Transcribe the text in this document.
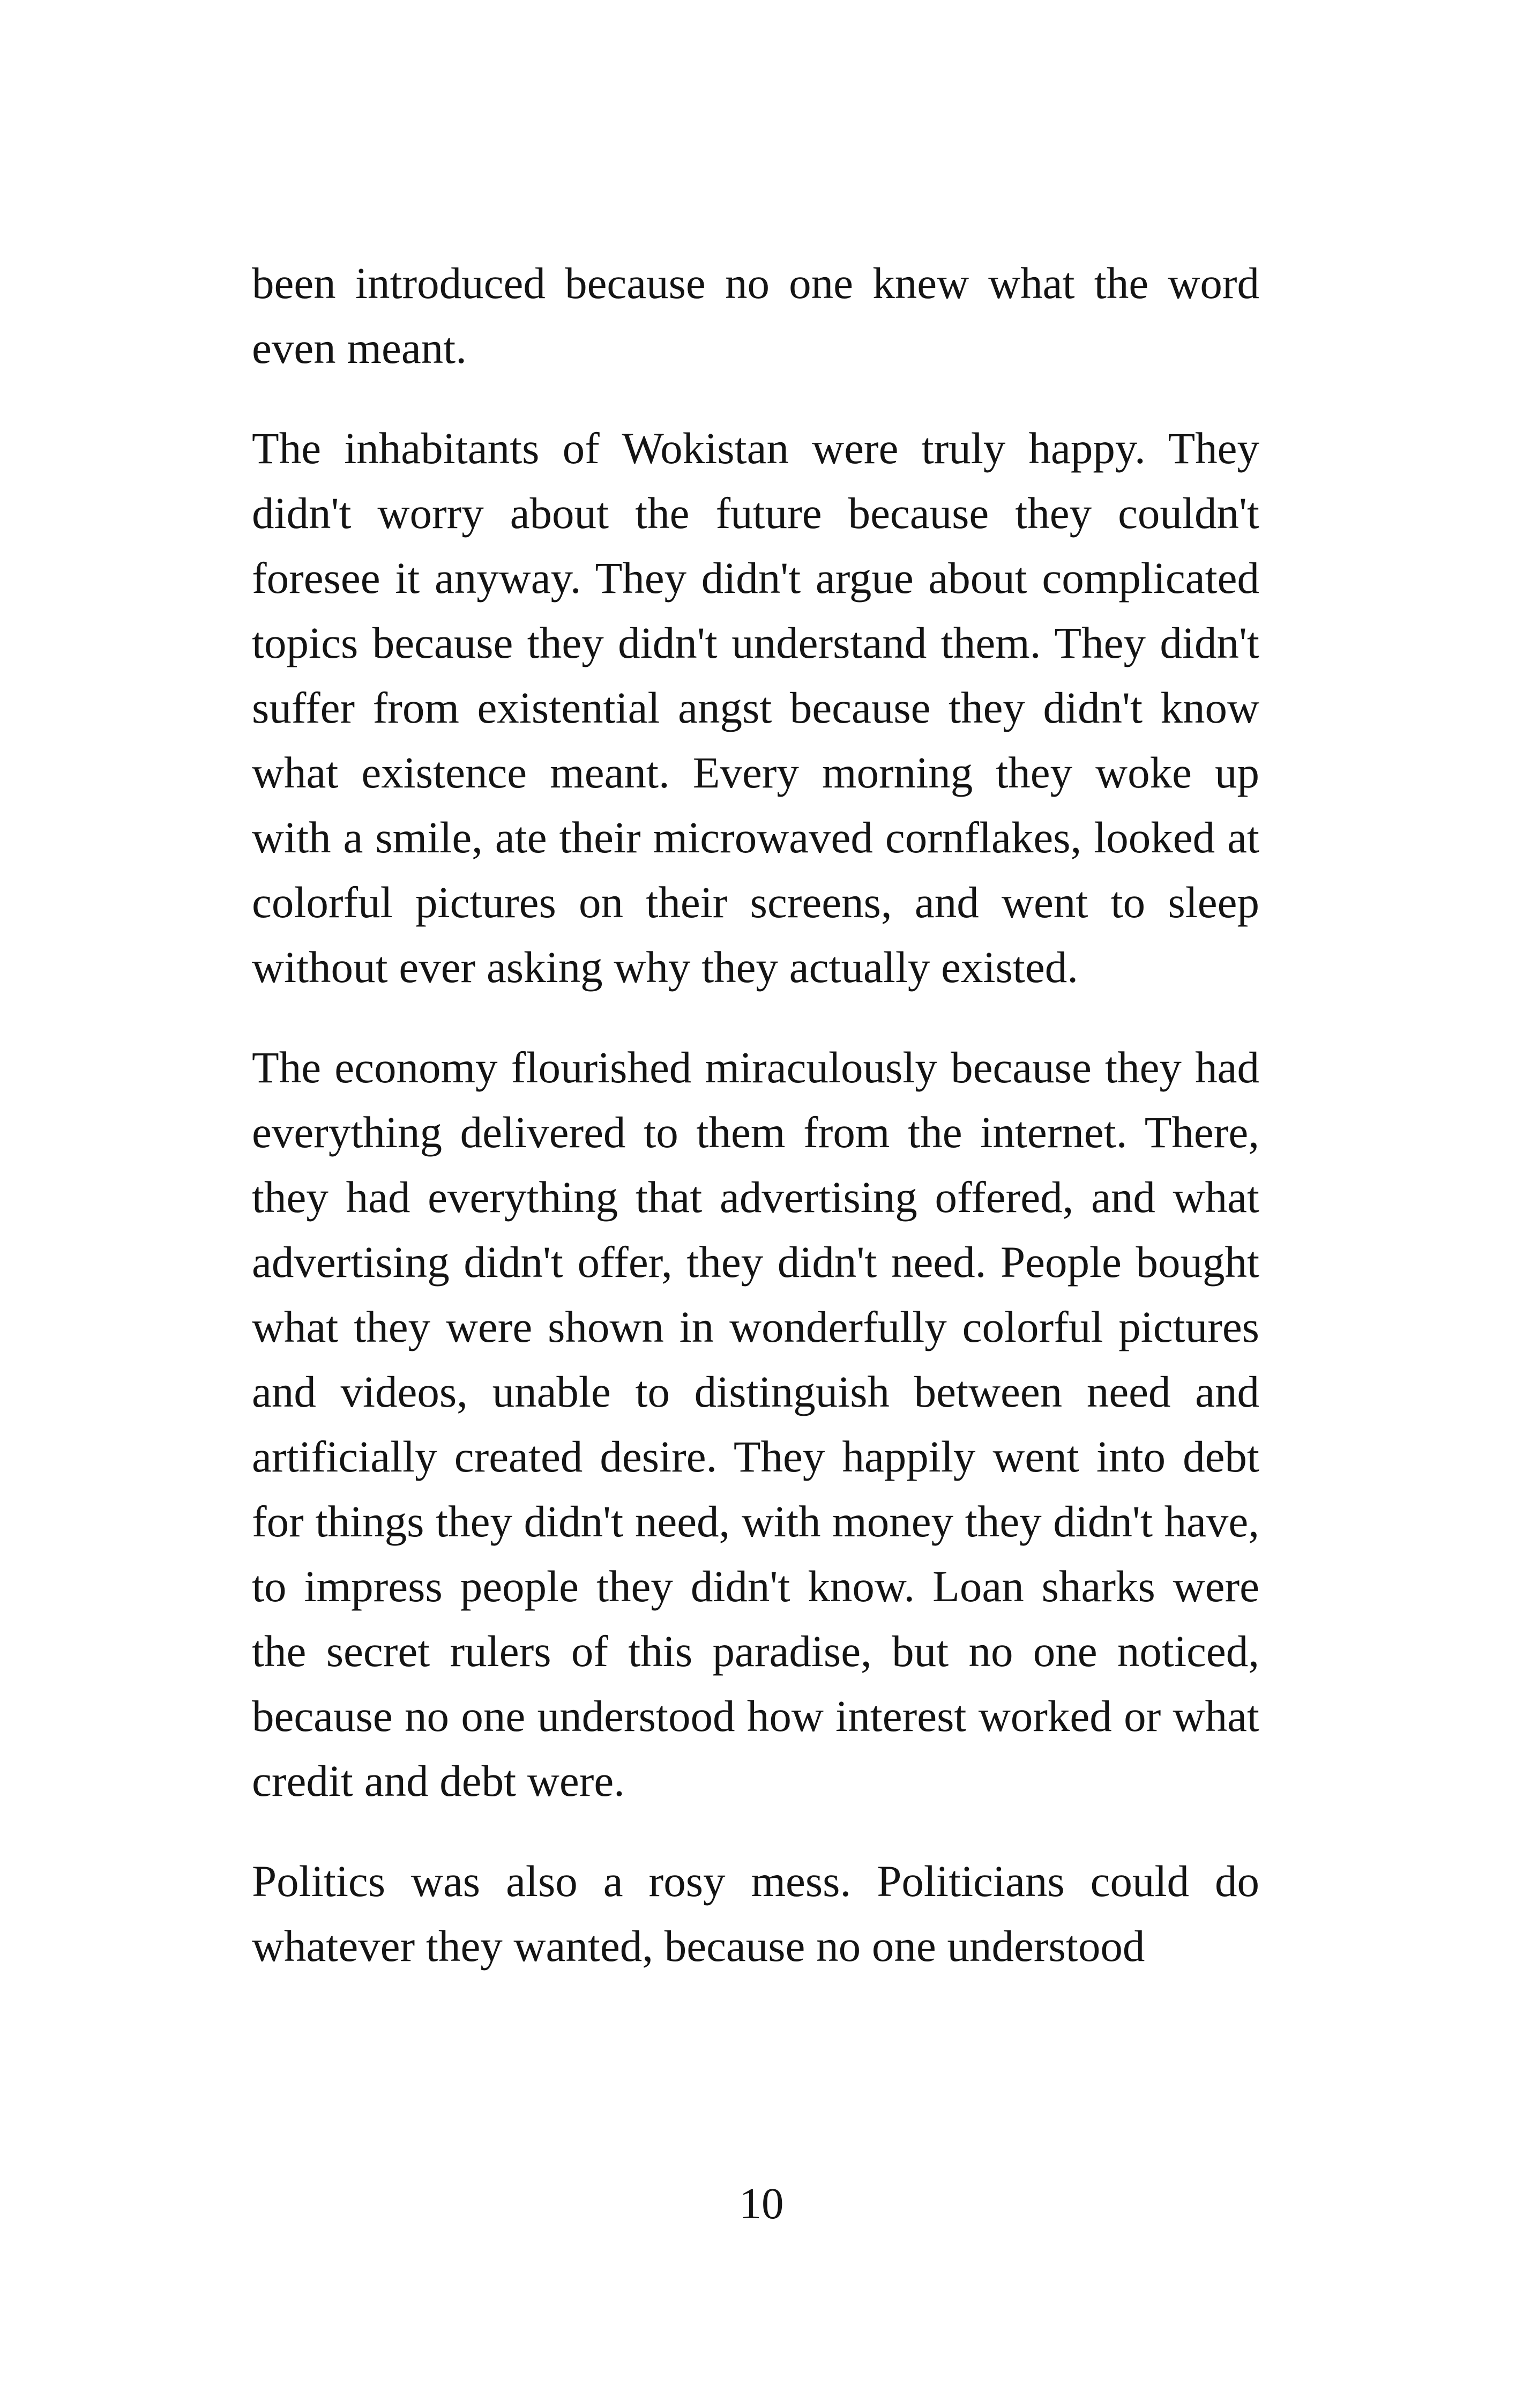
been introduced because no one knew what the word even meant.

The inhabitants of Wokistan were truly happy. They didn't worry about the future because they couldn't foresee it anyway. They didn't argue about complicated topics because they didn't understand them. They didn't suffer from existential angst because they didn't know what existence meant. Every morning they woke up with a smile, ate their microwaved cornflakes, looked at colorful pictures on their screens, and went to sleep without ever asking why they actually existed.

The economy flourished miraculously because they had everything delivered to them from the internet. There, they had everything that advertising offered, and what advertising didn't offer, they didn't need. People bought what they were shown in wonderfully colorful pictures and videos, unable to distinguish between need and artificially created desire. They happily went into debt for things they didn't need, with money they didn't have, to impress people they didn't know. Loan sharks were the secret rulers of this paradise, but no one noticed, because no one understood how interest worked or what credit and debt were.

Politics was also a rosy mess. Politicians could do whatever they wanted, because no one understood

10
